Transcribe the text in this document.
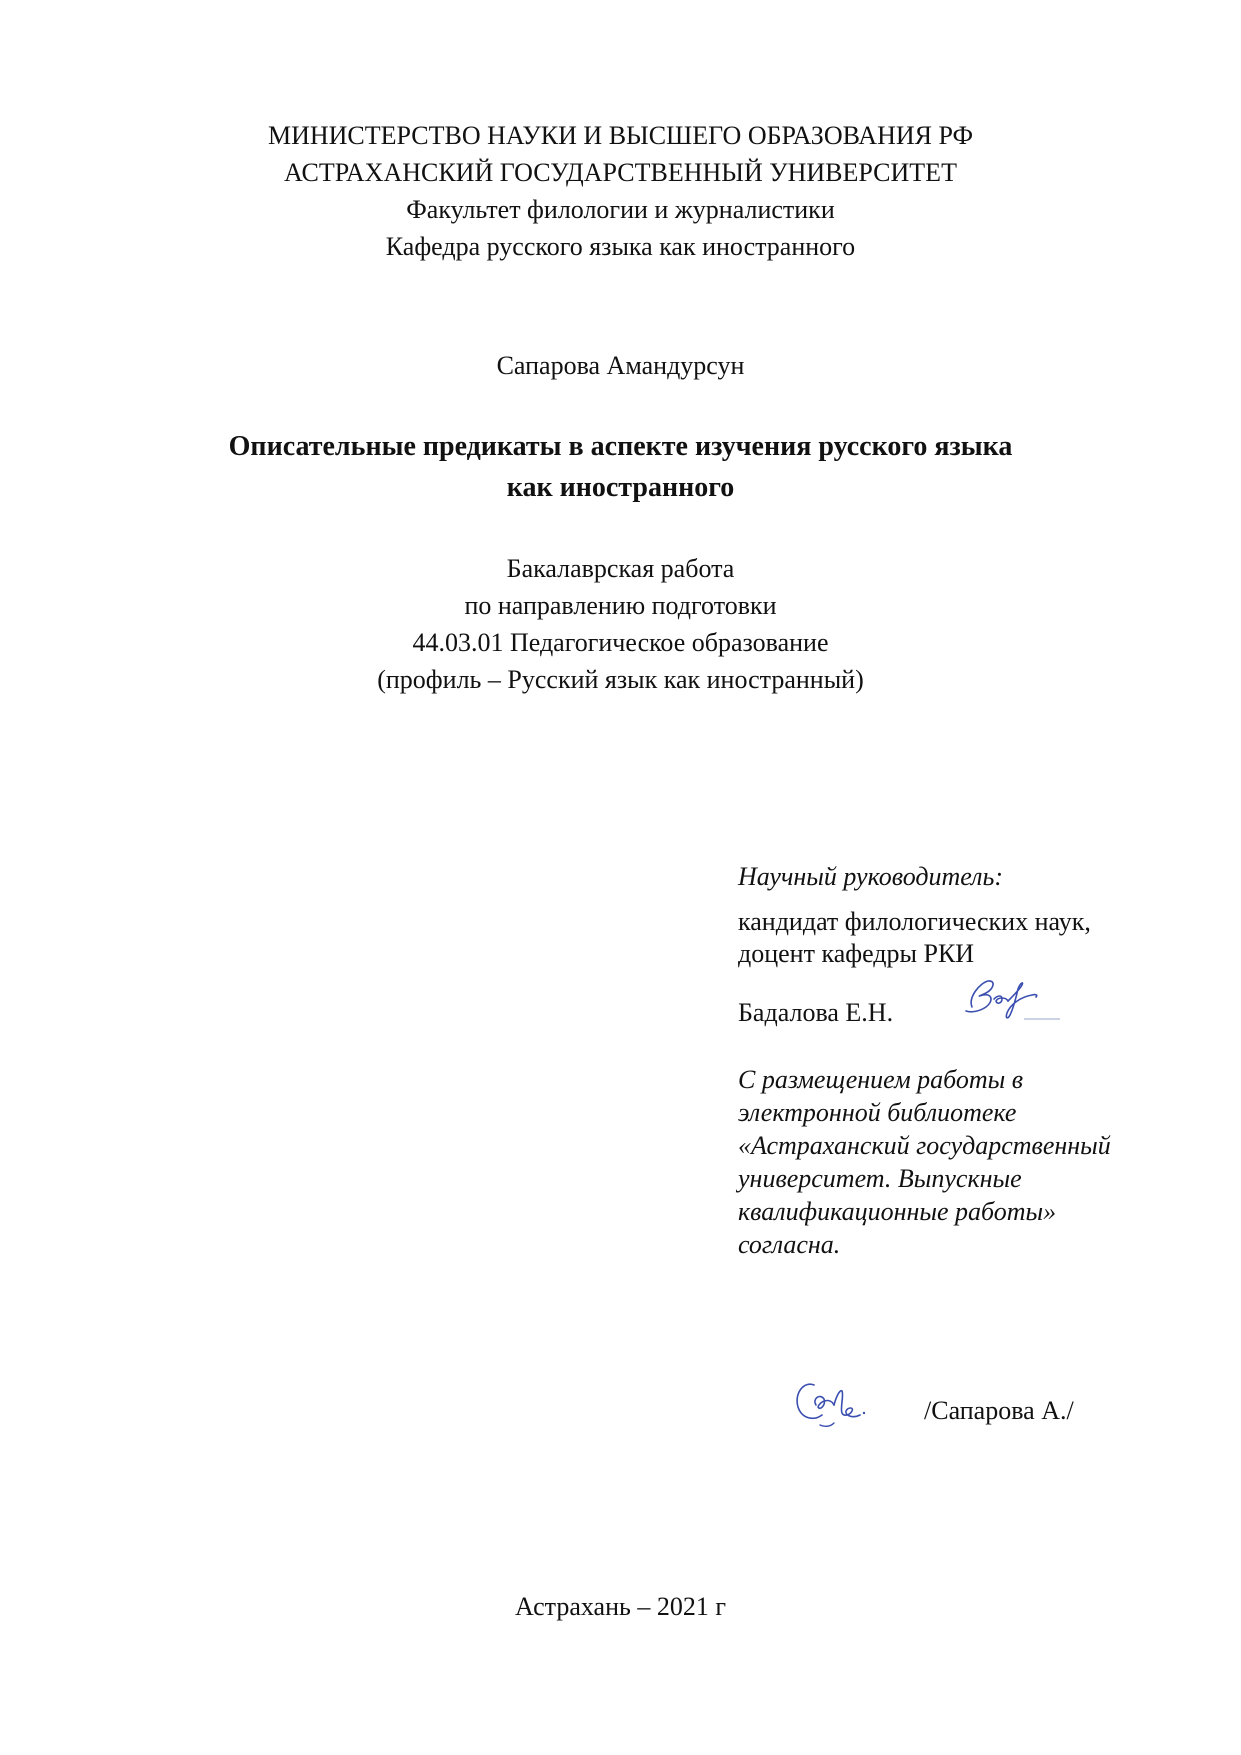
МИНИСТЕРСТВО НАУКИ И ВЫСШЕГО ОБРАЗОВАНИЯ РФ
АСТРАХАНСКИЙ ГОСУДАРСТВЕННЫЙ УНИВЕРСИТЕТ
Факультет филологии и журналистики
Кафедра русского языка как иностранного
Сапарова Амандурсун
Описательные предикаты в аспекте изучения русского языка
как иностранного
Бакалаврская работа
по направлению подготовки
44.03.01 Педагогическое образование
(профиль – Русский язык как иностранный)
Научный руководитель:
кандидат филологических наук,
доцент кафедры РКИ
Бадалова Е.Н.
С размещением работы в
электронной библиотеке
«Астраханский государственный
университет. Выпускные
квалификационные работы»
согласна.
/Сапарова А./
Астрахань – 2021 г
